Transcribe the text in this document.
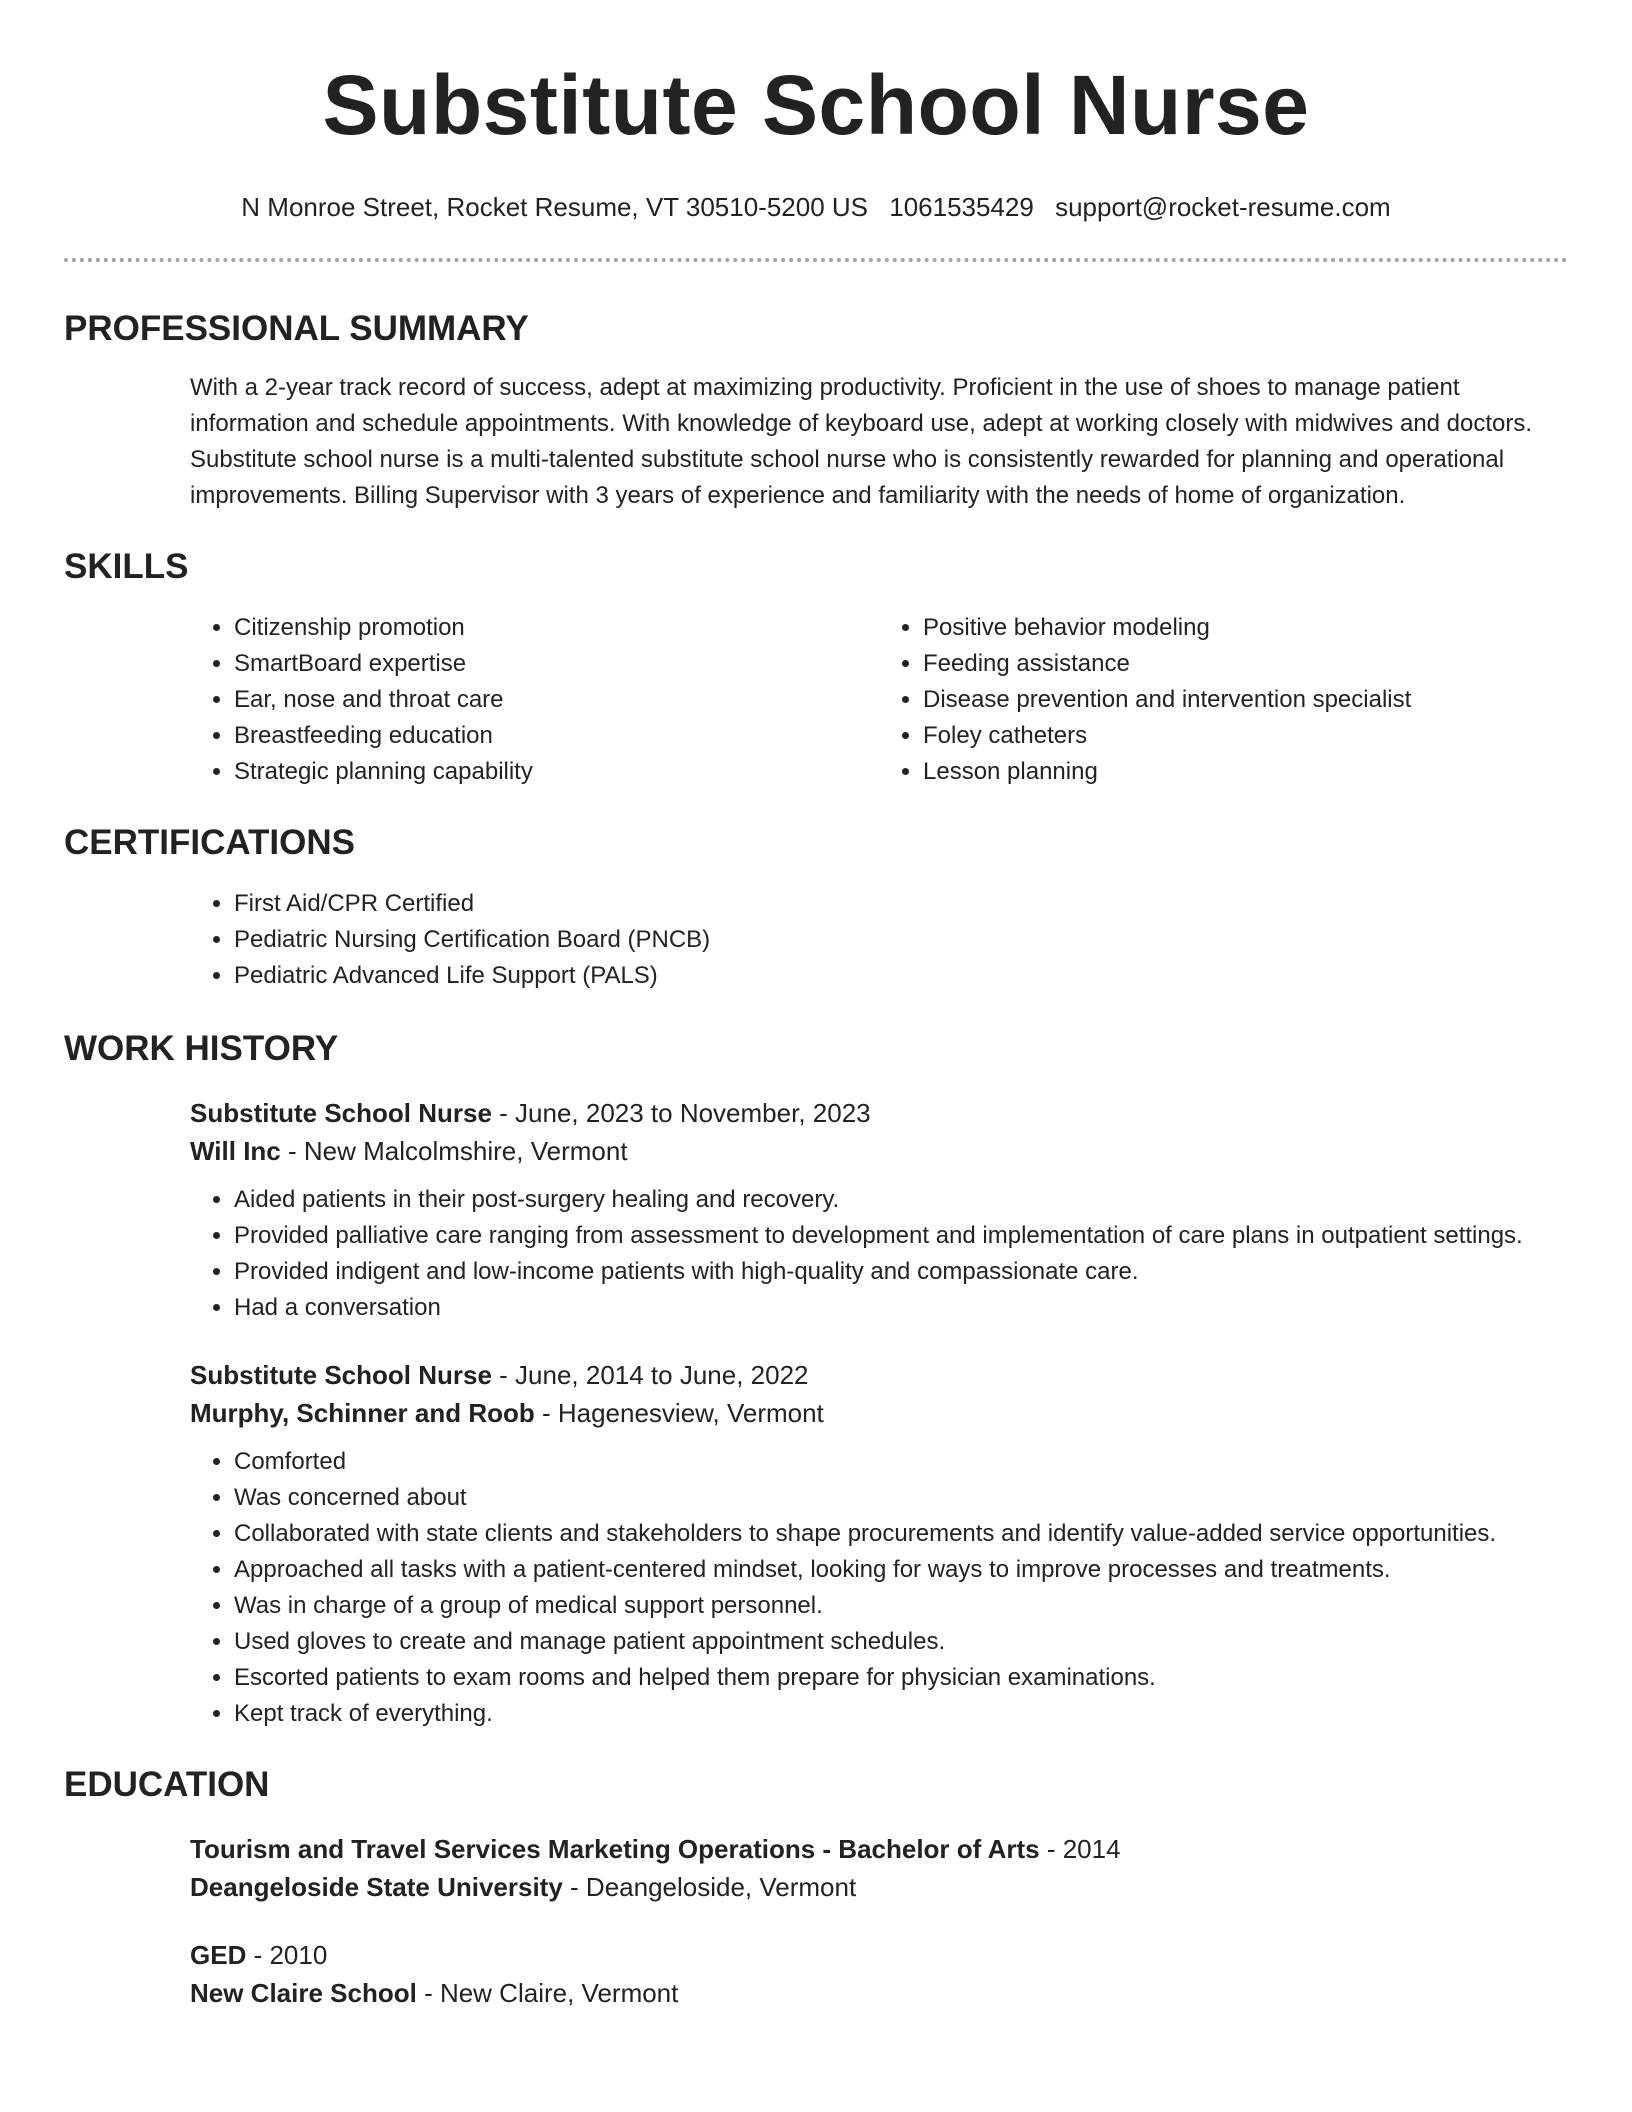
Substitute School Nurse
N Monroe Street, Rocket Resume, VT 30510-5200 US 1061535429 support@rocket-resume.com
PROFESSIONAL SUMMARY
With a 2-year track record of success, adept at maximizing productivity. Proficient in the use of shoes to manage patient information and schedule appointments. With knowledge of keyboard use, adept at working closely with midwives and doctors. Substitute school nurse is a multi-talented substitute school nurse who is consistently rewarded for planning and operational improvements. Billing Supervisor with 3 years of experience and familiarity with the needs of home of organization.
SKILLS
• Citizenship promotion
• SmartBoard expertise
• Ear, nose and throat care
• Breastfeeding education
• Strategic planning capability
• Positive behavior modeling
• Feeding assistance
• Disease prevention and intervention specialist
• Foley catheters
• Lesson planning
CERTIFICATIONS
• First Aid/CPR Certified
• Pediatric Nursing Certification Board (PNCB)
• Pediatric Advanced Life Support (PALS)
WORK HISTORY
Substitute School Nurse - June, 2023 to November, 2023
Will Inc - New Malcolmshire, Vermont
• Aided patients in their post-surgery healing and recovery.
• Provided palliative care ranging from assessment to development and implementation of care plans in outpatient settings.
• Provided indigent and low-income patients with high-quality and compassionate care.
• Had a conversation
Substitute School Nurse - June, 2014 to June, 2022
Murphy, Schinner and Roob - Hagenesview, Vermont
• Comforted
• Was concerned about
• Collaborated with state clients and stakeholders to shape procurements and identify value-added service opportunities.
• Approached all tasks with a patient-centered mindset, looking for ways to improve processes and treatments.
• Was in charge of a group of medical support personnel.
• Used gloves to create and manage patient appointment schedules.
• Escorted patients to exam rooms and helped them prepare for physician examinations.
• Kept track of everything.
EDUCATION
Tourism and Travel Services Marketing Operations - Bachelor of Arts - 2014
Deangeloside State University - Deangeloside, Vermont
GED - 2010
New Claire School - New Claire, Vermont
